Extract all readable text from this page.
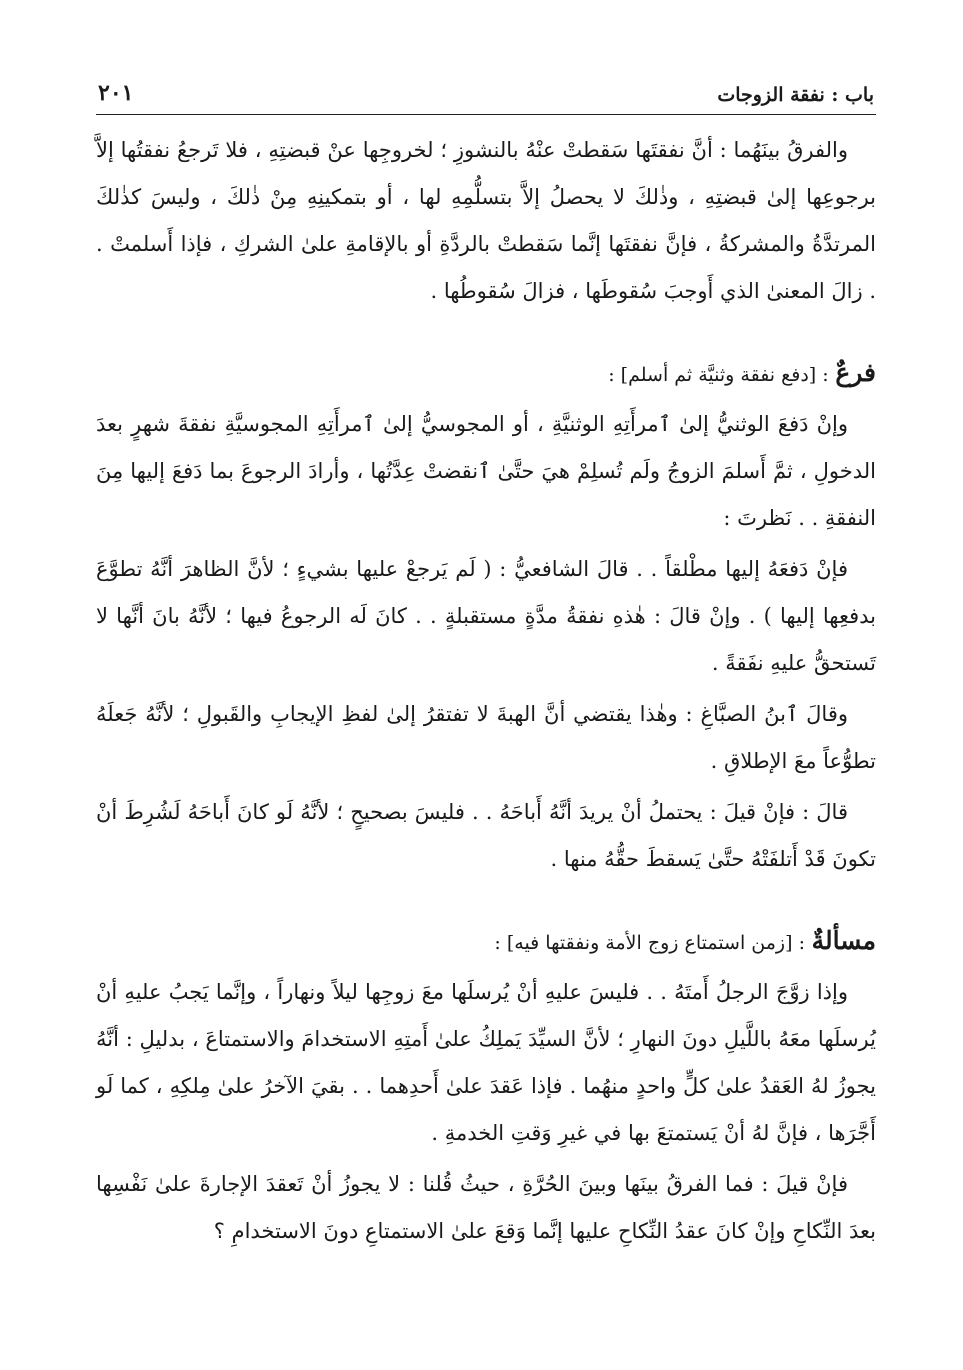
باب : نفقة الزوجات
٢٠١

والفرقُ بينَهُما : أنَّ نفقتَها سَقطتْ عنْهُ بالنشوزِ ؛ لخروجِها عنْ قبضتِهِ ، فلا تَرجعُ نفقتُها إلاَّ برجوعِها إلىٰ قبضتِهِ ، وذٰلكَ لا يحصلُ إلاَّ بتسلُّمِهِ لها ، أو بتمكينِهِ مِنْ ذٰلكَ ، وليسَ كذٰلكَ المرتدَّةُ والمشركةُ ، فإنَّ نفقتَها إنَّما سَقطتْ بالردَّةِ أو بالإقامةِ علىٰ الشركِ ، فإذا أَسلمتْ . . زالَ المعنىٰ الذي أَوجبَ سُقوطَها ، فزالَ سُقوطُها .

فرعٌ : [دفع نفقة وثنيَّة ثم أسلم] :

وإنْ دَفعَ الوثنيُّ إلىٰ ٱمرأَتِهِ الوثنيَّةِ ، أو المجوسيُّ إلىٰ ٱمرأَتِهِ المجوسيَّةِ نفقةَ شهرٍ بعدَ الدخولِ ، ثمَّ أَسلمَ الزوجُ ولَم تُسلِمْ هيَ حتَّىٰ ٱنقضتْ عِدَّتُها ، وأرادَ الرجوعَ بما دَفعَ إليها مِنَ النفقةِ . . نَظرتَ :

فإنْ دَفعَهُ إليها مطْلقاً . . قالَ الشافعيُّ : ( لَم يَرجعْ عليها بشيءٍ ؛ لأنَّ الظاهرَ أنَّهُ تطوَّعَ بدفعِها إليها ) . وإنْ قالَ : هٰذهِ نفقةُ مدَّةٍ مستقبلةٍ . . كانَ لَه الرجوعُ فيها ؛ لأنَّهُ بانَ أنَّها لا تَستحقُّ عليهِ نفَقةً .

وقالَ ٱبنُ الصبَّاغِ : وهٰذا يقتضي أنَّ الهبةَ لا تفتقرُ إلىٰ لفظِ الإيجابِ والقَبولِ ؛ لأنَّهُ جَعلَهُ تطوُّعاً معَ الإطلاقِ .

قالَ : فإنْ قيلَ : يحتملُ أنْ يريدَ أنَّهُ أَباحَهُ . . فليسَ بصحيحٍ ؛ لأنَّهُ لَو كانَ أَباحَهُ لَشُرِطَ أنْ تكونَ قَدْ أَتلفَتْهُ حتَّىٰ يَسقطَ حقُّهُ منها .

مسألةٌ : [زمن استمتاع زوج الأمة ونفقتها فيه] :

وإذا زوَّجَ الرجلُ أَمتَهُ . . فليسَ عليهِ أنْ يُرسلَها معَ زوجِها ليلاً ونهاراً ، وإنَّما يَجبُ عليهِ أنْ يُرسلَها معَهُ باللَّيلِ دونَ النهارِ ؛ لأنَّ السيِّدَ يَملِكُ علىٰ أَمتِهِ الاستخدامَ والاستمتاعَ ، بدليلِ : أنَّهُ يجوزُ لهُ العَقدُ علىٰ كلٍّ واحدٍ منهُما . فإذا عَقدَ علىٰ أَحدِهما . . بقيَ الآخرُ علىٰ مِلكِهِ ، كما لَو أَجَّرَها ، فإنَّ لهُ أنْ يَستمتعَ بها في غيرِ وَقتِ الخدمةِ .

فإنْ قيلَ : فما الفرقُ بينَها وبينَ الحُرَّةِ ، حيثُ قُلنا : لا يجوزُ أنْ تَعقدَ الإجارةَ علىٰ نَفْسِها بعدَ النِّكاحِ وإنْ كانَ عقدُ النِّكاحِ عليها إنَّما وَقعَ علىٰ الاستمتاعِ دونَ الاستخدامِ ؟
